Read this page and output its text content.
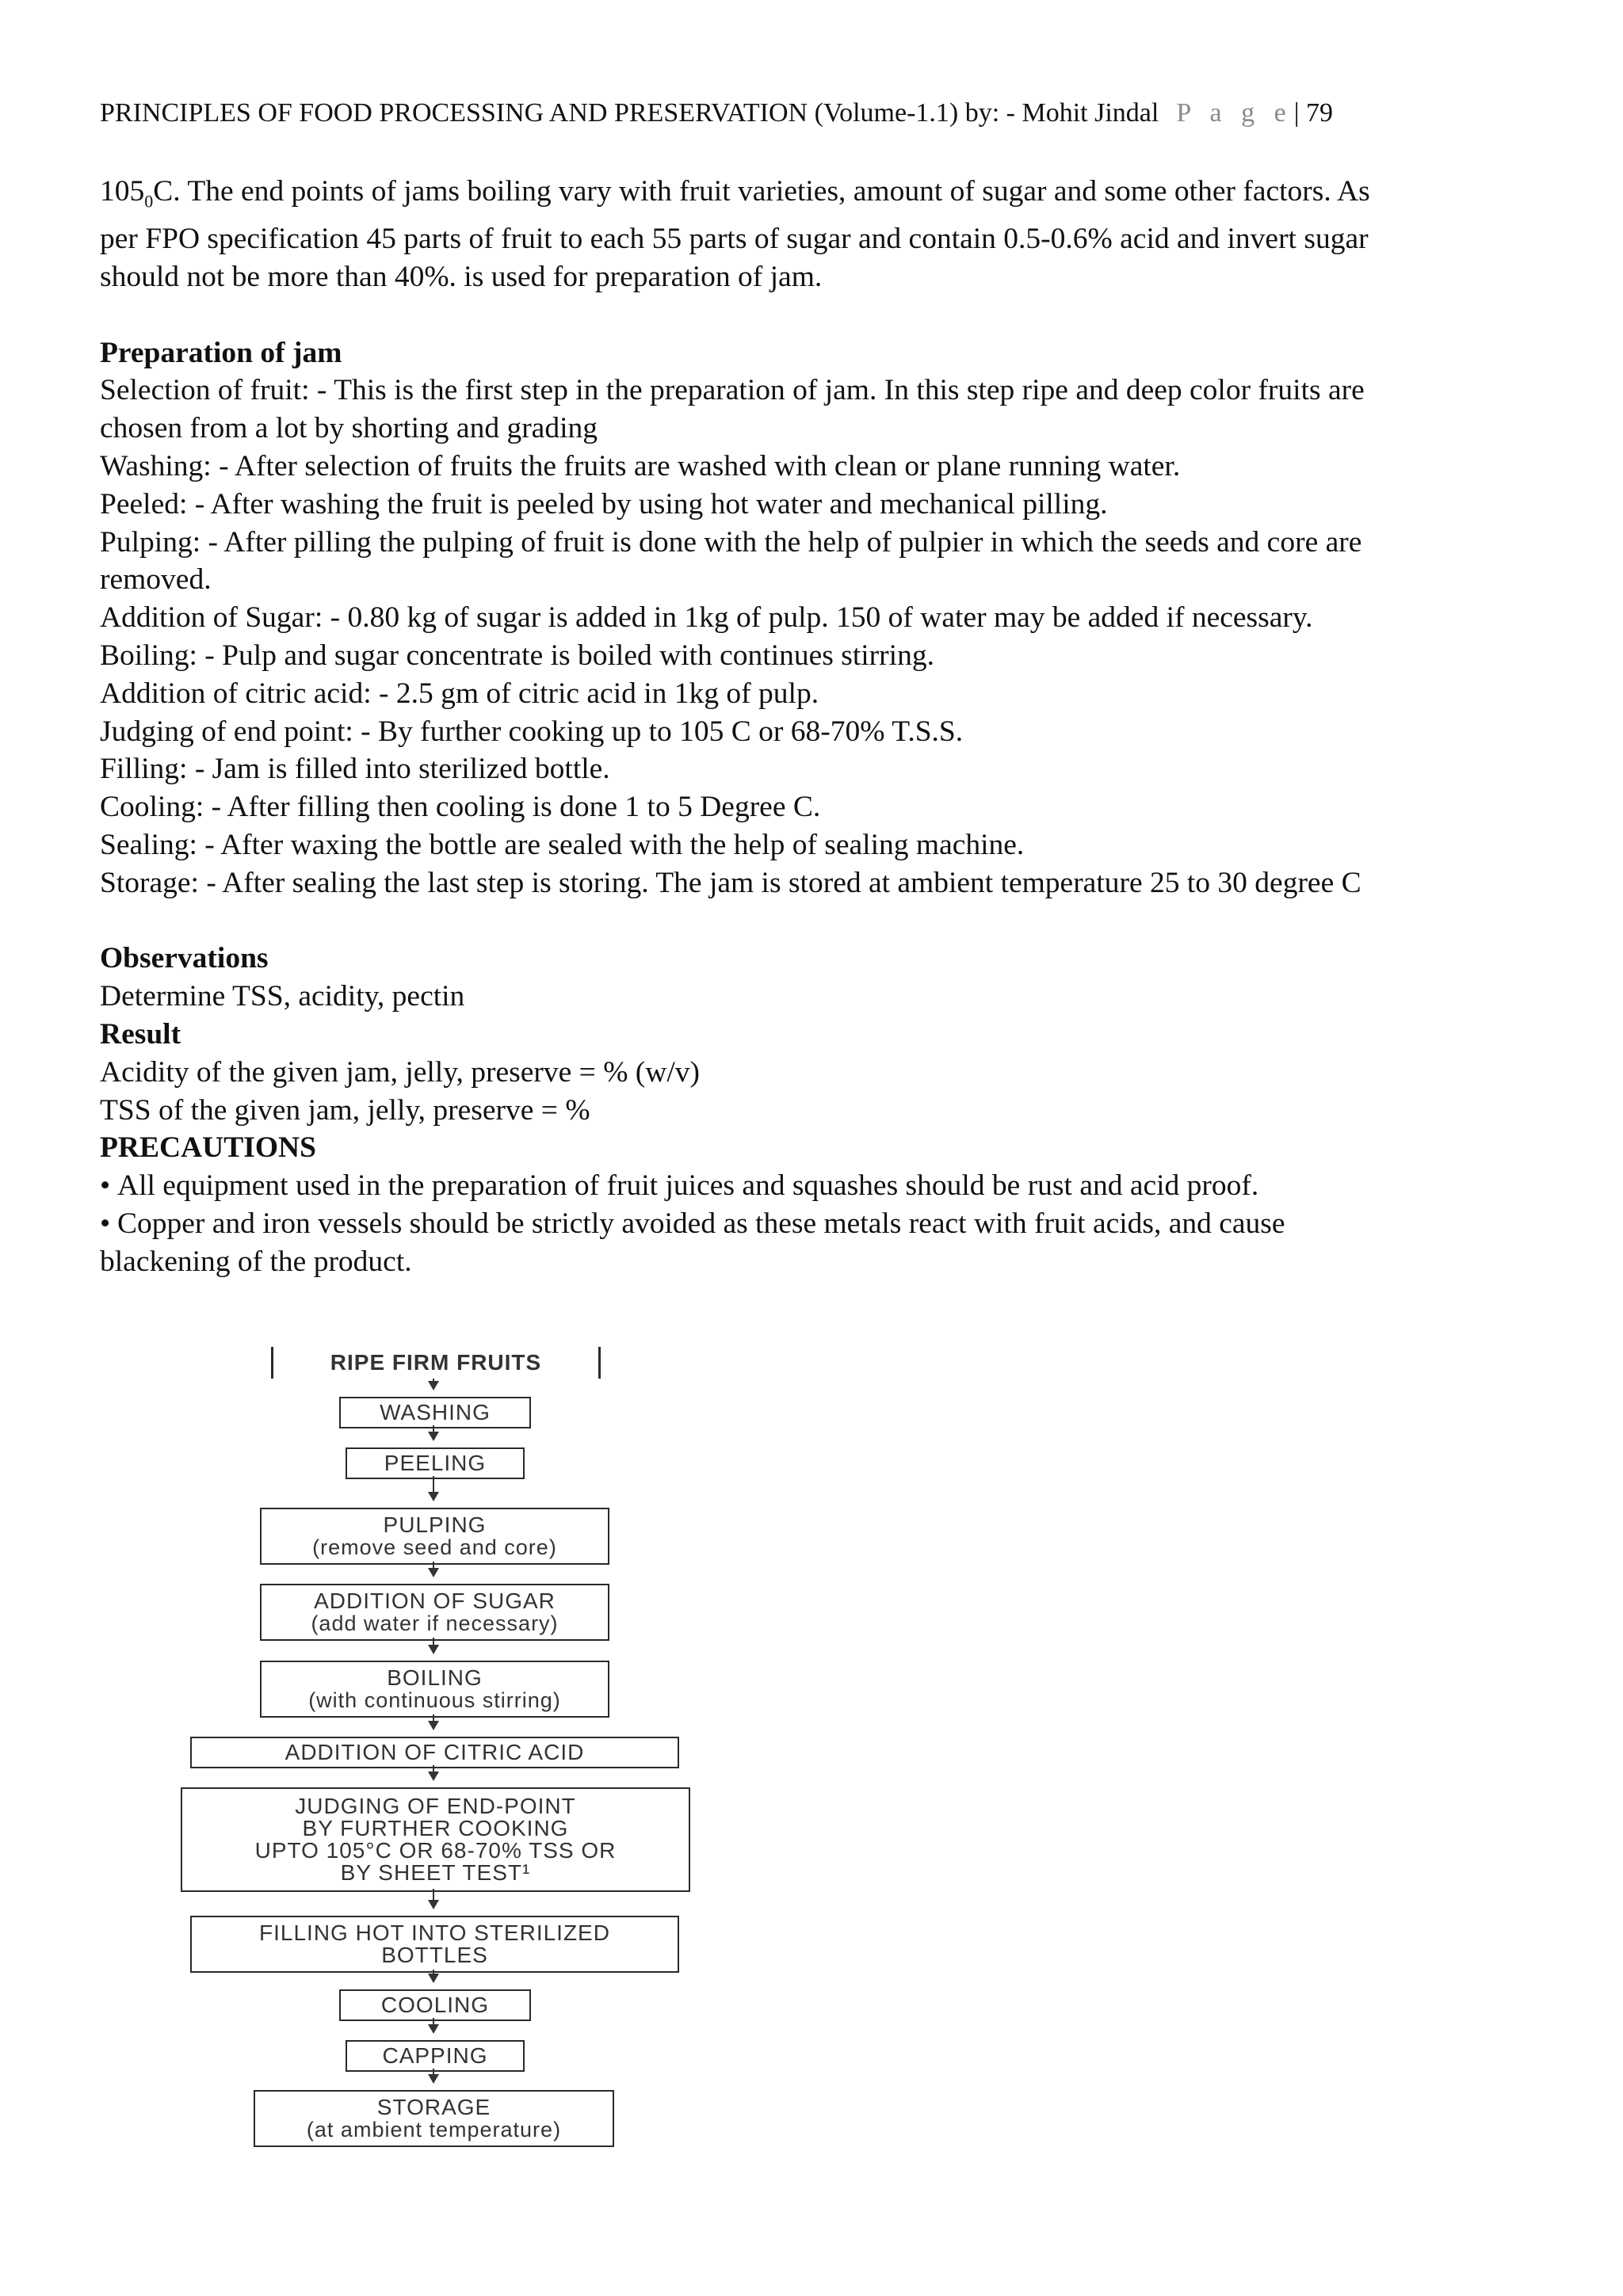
PRINCIPLES OF FOOD PROCESSING AND PRESERVATION (Volume-1.1) by: - Mohit Jindal P a g e| 79

$105_0C$. The end points of jams boiling vary with fruit varieties, amount of sugar and some other factors. As

per FPO specification 45 parts of fruit to each 55 parts of sugar and contain 0.5-0.6% acid and invert sugar

should not be more than 40%. is used for preparation of jam.

Preparation of jam

Selection of fruit: - This is the first step in the preparation of jam. In this step ripe and deep color fruits are

chosen from a lot by shorting and grading

Washing: - After selection of fruits the fruits are washed with clean or plane running water.

Peeled: - After washing the fruit is peeled by using hot water and mechanical pilling.

Pulping: - After pilling the pulping of fruit is done with the help of pulpier in which the seeds and core are

removed.

Addition of Sugar: - 0.80 kg of sugar is added in 1kg of pulp. 150 of water may be added if necessary.

Boiling: - Pulp and sugar concentrate is boiled with continues stirring.

Addition of citric acid: - 2.5 gm of citric acid in 1kg of pulp.

Judging of end point: - By further cooking up to 105 C or 68-70% T.S.S.

Filling: - Jam is filled into sterilized bottle.

Cooling: - After filling then cooling is done 1 to 5 Degree C.

Sealing: - After waxing the bottle are sealed with the help of sealing machine.

Storage: - After sealing the last step is storing. The jam is stored at ambient temperature 25 to 30 degree C

Observations

Determine TSS, acidity, pectin

Result

Acidity of the given jam, jelly, preserve = % (w/v)

TSS of the given jam, jelly, preserve = %

PRECAUTIONS

• All equipment used in the preparation of fruit juices and squashes should be rust and acid proof.

• Copper and iron vessels should be strictly avoided as these metals react with fruit acids, and cause

blackening of the product.

RIPE FIRM FRUITS
WASHING
PEELING
PULPING
(remove seed and core)
ADDITION OF SUGAR
(add water if necessary)
BOILING
(with continuous stirring)
ADDITION OF CITRIC ACID
JUDGING OF END-POINT
BY FURTHER COOKING
UPTO 105°C OR 68-70% TSS OR
BY SHEET TEST¹
FILLING HOT INTO STERILIZED
BOTTLES
COOLING
CAPPING
STORAGE
(at ambient temperature)
